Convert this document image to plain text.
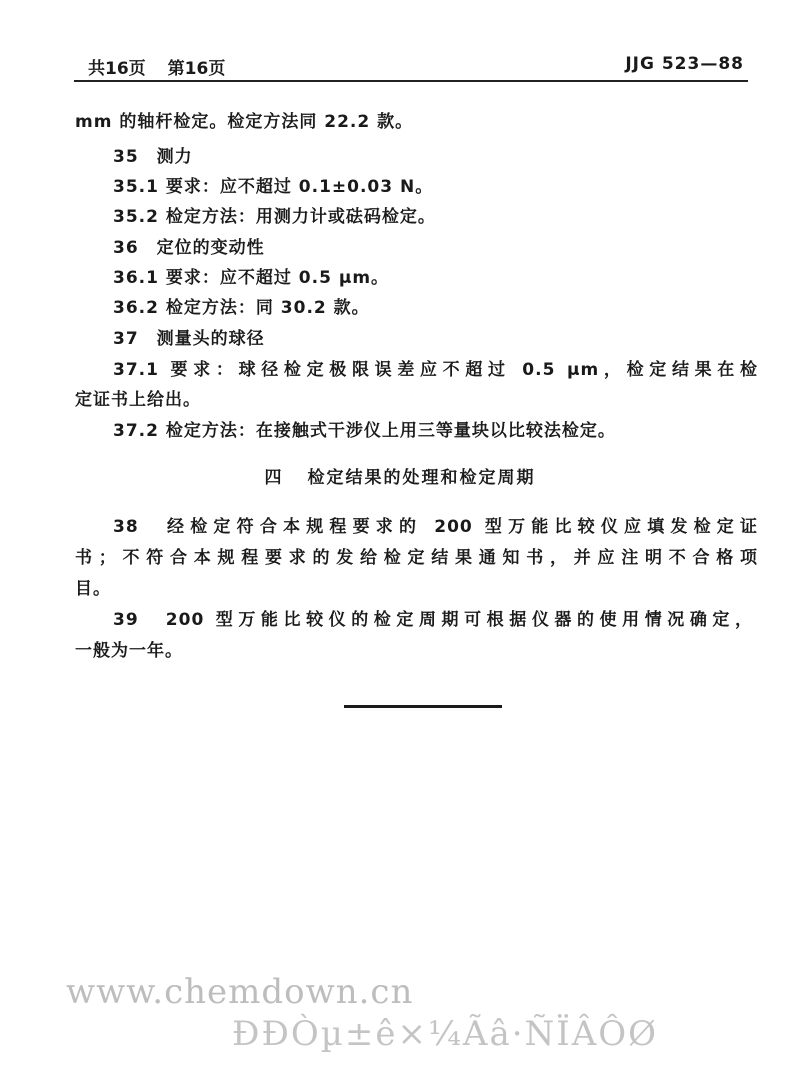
共16页 第16页	JJG 523—88
mm 的轴杆检定。检定方法同 22.2 款。
35　测力
35.1 要求：应不超过 0.1±0.03 N。
35.2 检定方法：用测力计或砝码检定。
36　定位的变动性
36.1 要求：应不超过 0.5 μm。
36.2 检定方法：同 30.2 款。
37　测量头的球径
37.1 要求：球径检定极限误差应不超过 0.5 μm，检定结果在检
定证书上给出。
37.2 检定方法：在接触式干涉仪上用三等量块以比较法检定。
四 检定结果的处理和检定周期
38　经检定符合本规程要求的 200 型万能比较仪应填发检定证
书；不符合本规程要求的发给检定结果通知书，并应注明不合格项
目。
39　200 型万能比较仪的检定周期可根据仪器的使用情况确定，
一般为一年。
www.chemdown.cn
ÐÐÒµ±ê×¼Ãâ·ÑÏÂÔØ
